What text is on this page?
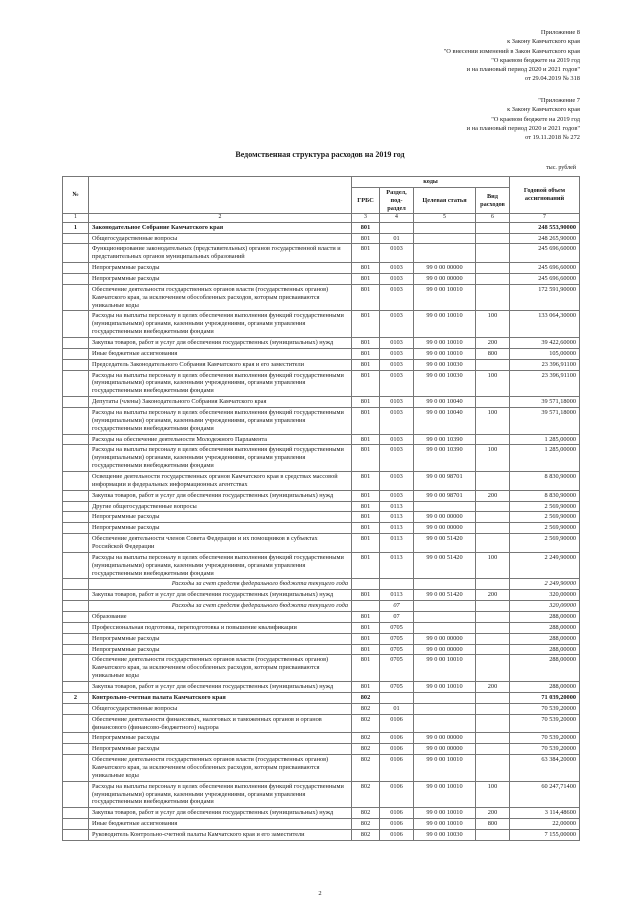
Приложение 8
к Закону Камчатского края
"О внесении изменений в Закон Камчатского края
"О краевом бюджете на 2019 год
и на плановый период 2020 и 2021 годов"
от 29.04.2019 № 318
"Приложение 7
к Закону Камчатского края
"О краевом бюджете на 2019 год
и на плановый период 2020 и 2021 годов"
от 19.11.2018 № 272
Ведомственная структура расходов на 2019 год
тыс. рублей
№		коды				Годовой объем ассигнований
		ГРБС	Раздел, под-раздел	Целевая статья	Вид расходов	
1	2	3	4	5	6	7
1	Законодательное Собрание Камчатского края	801				248 553,90000
	Общегосударственные вопросы	801	01			248 265,90000
	Функционирование законодательных (представительных) органов государственной власти и представительных органов муниципальных образований	801	0103			245 696,60000
	Непрограммные расходы	801	0103	99 0 00 00000		245 696,60000
	Непрограммные расходы	801	0103	99 0 00 00000		245 696,60000
	Обеспечение деятельности государственных органов власти (государственных органов) Камчатского края, за исключением обособленных расходов, которым присваиваются уникальные коды	801	0103	99 0 00 10010		172 591,90000
	Расходы на выплаты персоналу в целях обеспечения выполнения функций государственными (муниципальными) органами, казенными учреждениями, органами управления государственными внебюджетными фондами	801	0103	99 0 00 10010	100	133 064,30000
	Закупка товаров, работ и услуг для обеспечения государственных (муниципальных) нужд	801	0103	99 0 00 10010	200	39 422,60000
	Иные бюджетные ассигнования	801	0103	99 0 00 10010	800	105,00000
	Председатель Законодательного Собрания Камчатского края и его заместители	801	0103	99 0 00 10030		23 396,91100
	Расходы на выплаты персоналу в целях обеспечения выполнения функций государственными (муниципальными) органами, казенными учреждениями, органами управления государственными внебюджетными фондами	801	0103	99 0 00 10030	100	23 396,91100
	Депутаты (члены) Законодательного Собрания Камчатского края	801	0103	99 0 00 10040		39 571,18000
	Расходы на выплаты персоналу в целях обеспечения выполнения функций государственными (муниципальными) органами, казенными учреждениями, органами управления государственными внебюджетными фондами	801	0103	99 0 00 10040	100	39 571,18000
	Расходы на обеспечение деятельности Молодежного Парламента	801	0103	99 0 00 10390		1 285,00000
	Расходы на выплаты персоналу в целях обеспечения выполнения функций государственными (муниципальными) органами, казенными учреждениями, органами управления государственными внебюджетными фондами	801	0103	99 0 00 10390	100	1 285,00000
	Освещение деятельности государственных органов Камчатского края в средствах массовой информации и федеральных информационных агентствах	801	0103	99 0 00 98701		8 830,90000
	Закупка товаров, работ и услуг для обеспечения государственных (муниципальных) нужд	801	0103	99 0 00 98701	200	8 830,90000
	Другие общегосударственные вопросы	801	0113			2 569,90000
	Непрограммные расходы	801	0113	99 0 00 00000		2 569,90000
	Непрограммные расходы	801	0113	99 0 00 00000		2 569,90000
	Обеспечение деятельности членов Совета Федерации и их помощников в субъектах Российской Федерации	801	0113	99 0 00 51420		2 569,90000
	Расходы на выплаты персоналу в целях обеспечения выполнения функций государственными (муниципальными) органами, казенными учреждениями, органами управления государственными внебюджетными фондами	801	0113	99 0 00 51420	100	2 249,90000
	Расходы за счет средств федерального бюджета текущего года					2 249,90000
	Закупка товаров, работ и услуг для обеспечения государственных (муниципальных) нужд	801	0113	99 0 00 51420	200	320,00000
	Расходы за счет средств федерального бюджета текущего года		07			320,00000
	Образование	801	07			288,00000
	Профессиональная подготовка, переподготовка и повышение квалификации	801	0705			288,00000
	Непрограммные расходы	801	0705	99 0 00 00000		288,00000
	Непрограммные расходы	801	0705	99 0 00 00000		288,00000
	Обеспечение деятельности государственных органов власти (государственных органов) Камчатского края, за исключением обособленных расходов, которым присваиваются уникальные коды	801	0705	99 0 00 10010		288,00000
	Закупка товаров, работ и услуг для обеспечения государственных (муниципальных) нужд	801	0705	99 0 00 10010	200	288,00000
2	Контрольно-счетная палата Камчатского края	802				71 039,20000
	Общегосударственные вопросы	802	01			70 539,20000
	Обеспечение деятельности финансовых, налоговых и таможенных органов и органов финансового (финансово-бюджетного) надзора	802	0106			70 539,20000
	Непрограммные расходы	802	0106	99 0 00 00000		70 539,20000
	Непрограммные расходы	802	0106	99 0 00 00000		70 539,20000
	Обеспечение деятельности государственных органов власти (государственных органов) Камчатского края, за исключением обособленных расходов, которым присваиваются уникальные коды	802	0106	99 0 00 10010		63 384,20000
	Расходы на выплаты персоналу в целях обеспечения выполнения функций государственными (муниципальными) органами, казенными учреждениями, органами управления государственными внебюджетными фондами	802	0106	99 0 00 10010	100	60 247,71400
	Закупка товаров, работ и услуг для обеспечения государственных (муниципальных) нужд	802	0106	99 0 00 10010	200	3 114,48600
	Иные бюджетные ассигнования	802	0106	99 0 00 10010	800	22,00000
	Руководитель Контрольно-счетной палаты Камчатского края и его заместители	802	0106	99 0 00 10030		7 155,00000
2
